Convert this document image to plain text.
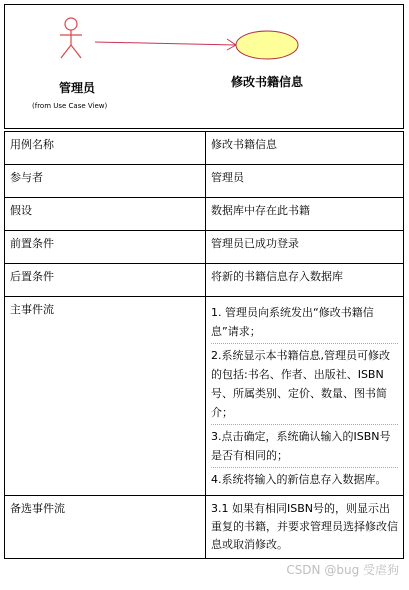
管理员
(from Use Case View)
修改书籍信息
用例名称	修改书籍信息
参与者	管理员
假设	数据库中存在此书籍
前置条件	管理员已成功登录
后置条件	将新的书籍信息存入数据库
主事件流	1. 管理员向系统发出“修改书籍信息”请求；
2.系统显示本书籍信息,管理员可修改的包括:书名、作者、出版社、ISBN号、所属类别、定价、数量、图书简介；
3.点击确定，系统确认输入的ISBN号是否有相同的；
4.系统将输入的新信息存入数据库。

备选事件流	3.1 如果有相同ISBN号的，则显示出重复的书籍，并要求管理员选择修改信息或取消修改。
CSDN @bug 受虐狗
